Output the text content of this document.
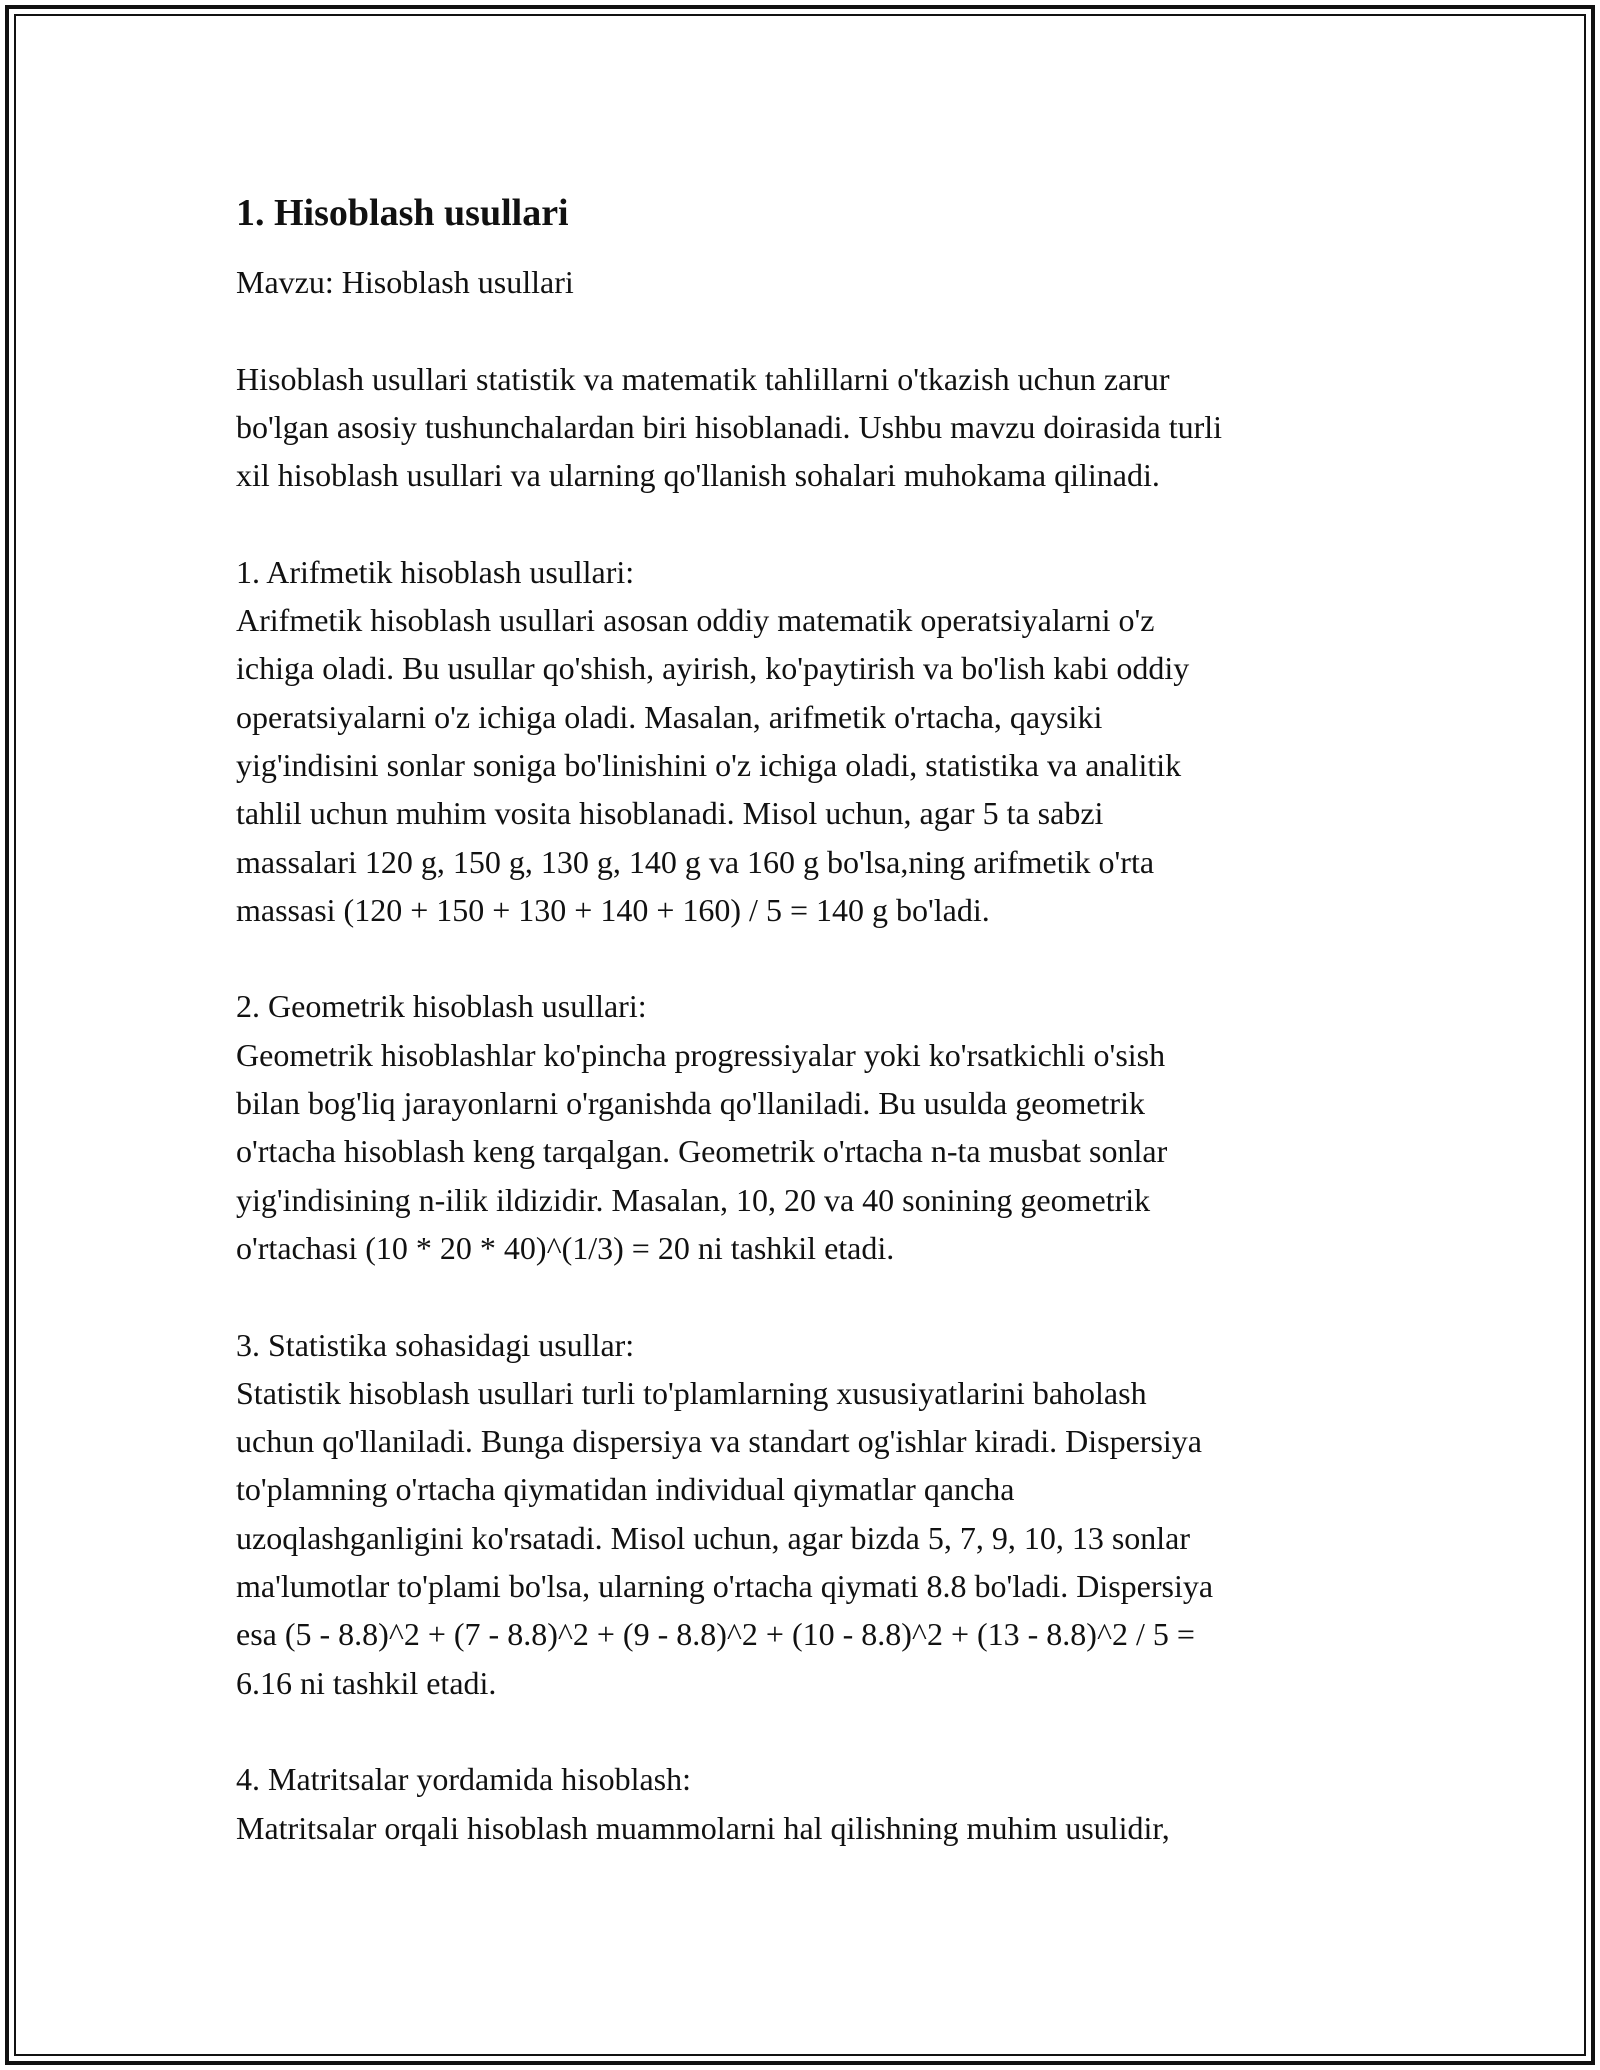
1. Hisoblash usullari

Mavzu: Hisoblash usullari

Hisoblash usullari statistik va matematik tahlillarni o'tkazish uchun zarur
bo'lgan asosiy tushunchalardan biri hisoblanadi. Ushbu mavzu doirasida turli
xil hisoblash usullari va ularning qo'llanish sohalari muhokama qilinadi.
1. Arifmetik hisoblash usullari:
Arifmetik hisoblash usullari asosan oddiy matematik operatsiyalarni o'z
ichiga oladi. Bu usullar qo'shish, ayirish, ko'paytirish va bo'lish kabi oddiy
operatsiyalarni o'z ichiga oladi. Masalan, arifmetik o'rtacha, qaysiki
yig'indisini sonlar soniga bo'linishini o'z ichiga oladi, statistika va analitik
tahlil uchun muhim vosita hisoblanadi. Misol uchun, agar 5 ta sabzi
massalari 120 g, 150 g, 130 g, 140 g va 160 g bo'lsa,ning arifmetik o'rta
massasi (120 + 150 + 130 + 140 + 160) / 5 = 140 g bo'ladi.
2. Geometrik hisoblash usullari:
Geometrik hisoblashlar ko'pincha progressiyalar yoki ko'rsatkichli o'sish
bilan bog'liq jarayonlarni o'rganishda qo'llaniladi. Bu usulda geometrik
o'rtacha hisoblash keng tarqalgan. Geometrik o'rtacha n-ta musbat sonlar
yig'indisining n-ilik ildizidir. Masalan, 10, 20 va 40 sonining geometrik
o'rtachasi (10 * 20 * 40)^(1/3) = 20 ni tashkil etadi.
3. Statistika sohasidagi usullar:
Statistik hisoblash usullari turli to'plamlarning xususiyatlarini baholash
uchun qo'llaniladi. Bunga dispersiya va standart og'ishlar kiradi. Dispersiya
to'plamning o'rtacha qiymatidan individual qiymatlar qancha
uzoqlashganligini ko'rsatadi. Misol uchun, agar bizda 5, 7, 9, 10, 13 sonlar
ma'lumotlar to'plami bo'lsa, ularning o'rtacha qiymati 8.8 bo'ladi. Dispersiya
esa (5 - 8.8)^2 + (7 - 8.8)^2 + (9 - 8.8)^2 + (10 - 8.8)^2 + (13 - 8.8)^2 / 5 =
6.16 ni tashkil etadi.
4. Matritsalar yordamida hisoblash:
Matritsalar orqali hisoblash muammolarni hal qilishning muhim usulidir,
